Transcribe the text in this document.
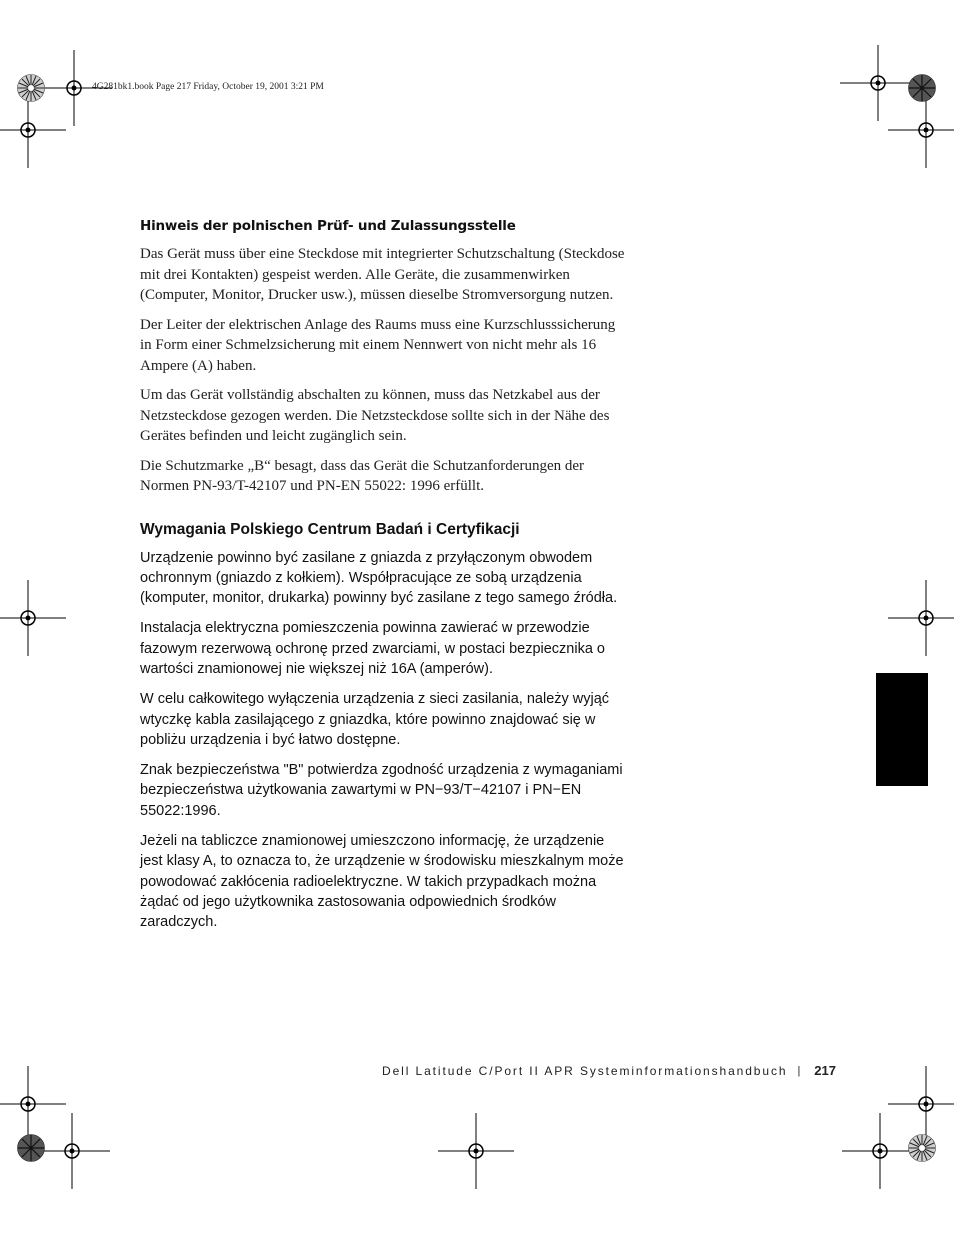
4G281bk1.book Page 217 Friday, October 19, 2001 3:21 PM
Hinweis der polnischen Prüf- und Zulassungsstelle

Das Gerät muss über eine Steckdose mit integrierter Schutzschaltung (Steckdose mit drei Kontakten) gespeist werden. Alle Geräte, die zusammenwirken (Computer, Monitor, Drucker usw.), müssen dieselbe Stromversorgung nutzen.

Der Leiter der elektrischen Anlage des Raums muss eine Kurzschlusssicherung in Form einer Schmelzsicherung mit einem Nennwert von nicht mehr als 16 Ampere (A) haben.

Um das Gerät vollständig abschalten zu können, muss das Netzkabel aus der Netzsteckdose gezogen werden. Die Netzsteckdose sollte sich in der Nähe des Gerätes befinden und leicht zugänglich sein.

Die Schutzmarke „B“ besagt, dass das Gerät die Schutzanforderungen der Normen PN-93/T-42107 und PN-EN 55022: 1996 erfüllt.

Wymagania Polskiego Centrum Badań i Certyfikacji

Urządzenie powinno być zasilane z gniazda z przyłączonym obwodem ochronnym (gniazdo z kołkiem). Współpracujące ze sobą urządzenia (komputer, monitor, drukarka) powinny być zasilane z tego samego źródła.

Instalacja elektryczna pomieszczenia powinna zawierać w przewodzie fazowym rezerwową ochronę przed zwarciami, w postaci bezpiecznika o wartości znamionowej nie większej niż 16A (amperów).

W celu całkowitego wyłączenia urządzenia z sieci zasilania, należy wyjąć wtyczkę kabla zasilającego z gniazdka, które powinno znajdować się w pobliżu urządzenia i być łatwo dostępne.

Znak bezpieczeństwa "B" potwierdza zgodność urządzenia z wymaganiami bezpieczeństwa użytkowania zawartymi w PN−93/T−42107 i PN−EN 55022:1996.

Jeżeli na tabliczce znamionowej umieszczono informację, że urządzenie jest klasy A, to oznacza to, że urządzenie w środowisku mieszkalnym może powodować zakłócenia radioelektryczne. W takich przypadkach można żądać od jego użytkownika zastosowania odpowiednich środków zaradczych.

Dell Latitude C/Port II APR Systeminformationshandbuch | 217
